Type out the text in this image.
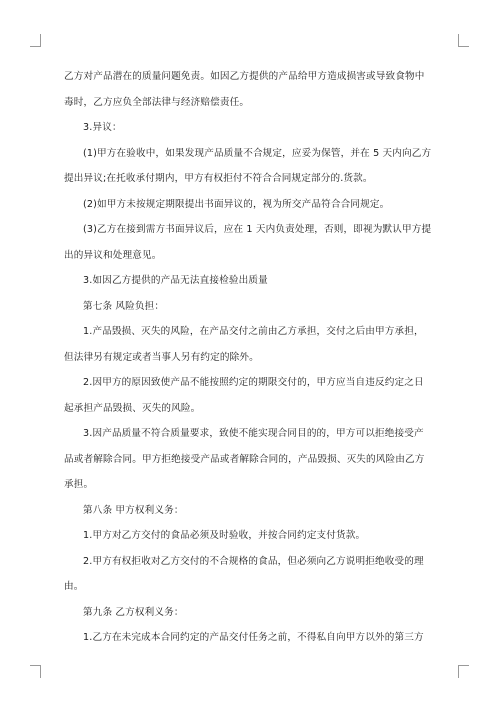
乙方对产品潜在的质量问题免责。如因乙方提供的产品给甲方造成损害或导致食物中

毒时，乙方应负全部法律与经济赔偿责任。

3.异议：

(1)甲方在验收中，如果发现产品质量不合规定，应妥为保管，并在 5 天内向乙方

提出异议;在托收承付期内，甲方有权拒付不符合合同规定部分的.货款。

(2)如甲方未按规定期限提出书面异议的，视为所交产品符合合同规定。

(3)乙方在接到需方书面异议后，应在 1 天内负责处理，否则，即视为默认甲方提

出的异议和处理意见。

3.如因乙方提供的产品无法直接检验出质量

第七条 风险负担：

1.产品毁损、灭失的风险，在产品交付之前由乙方承担，交付之后由甲方承担，

但法律另有规定或者当事人另有约定的除外。

2.因甲方的原因致使产品不能按照约定的期限交付的，甲方应当自违反约定之日

起承担产品毁损、灭失的风险。

3.因产品质量不符合质量要求，致使不能实现合同目的的，甲方可以拒绝接受产

品或者解除合同。甲方拒绝接受产品或者解除合同的，产品毁损、灭失的风险由乙方

承担。

第八条 甲方权利义务：

1.甲方对乙方交付的食品必须及时验收，并按合同约定支付货款。

2.甲方有权拒收对乙方交付的不合规格的食品，但必须向乙方说明拒绝收受的理

由。

第九条 乙方权利义务：

1.乙方在未完成本合同约定的产品交付任务之前，不得私自向甲方以外的第三方
